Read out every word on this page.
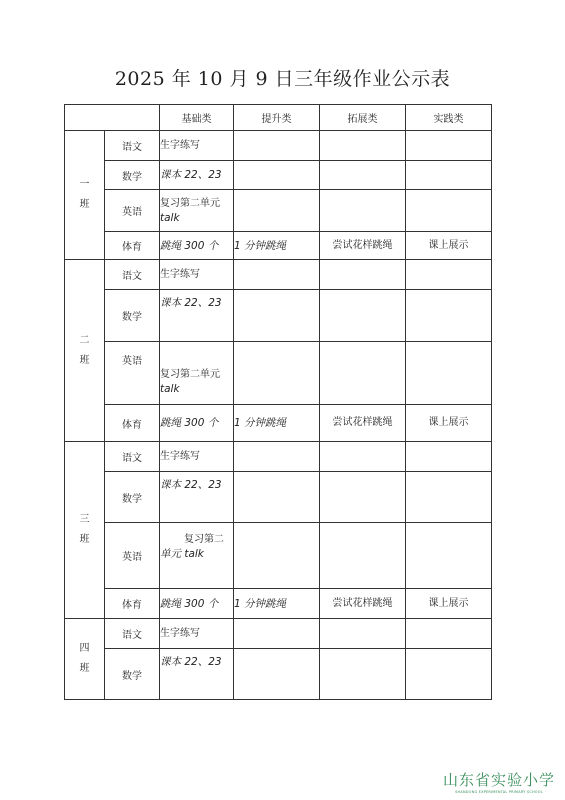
2025 年 10 月 9 日三年级作业公示表
		基础类	提升类	拓展类	实践类

一
班	语文	生字练写			
	数学	课本 22、23			
	英语	复习第二单元
talk			

	体育	跳绳 300 个	1 分钟跳绳	尝试花样跳绳	课上展示

二
班	语文	生字练写			
	数学	课本 22、23			
	英语	复习第二单元
talk			

	体育	跳绳 300 个	1 分钟跳绳	尝试花样跳绳	课上展示

三
班	语文	生字练写			
	数学	课本 22、23			
	英语	复习第二
单元 talk			

	体育	跳绳 300 个	1 分钟跳绳	尝试花样跳绳	课上展示

四
班	语文	生字练写			
	数学	课本 22、23			
山东省实验小学
SHANDONG EXPERIMENTAL PRIMARY SCHOOL
